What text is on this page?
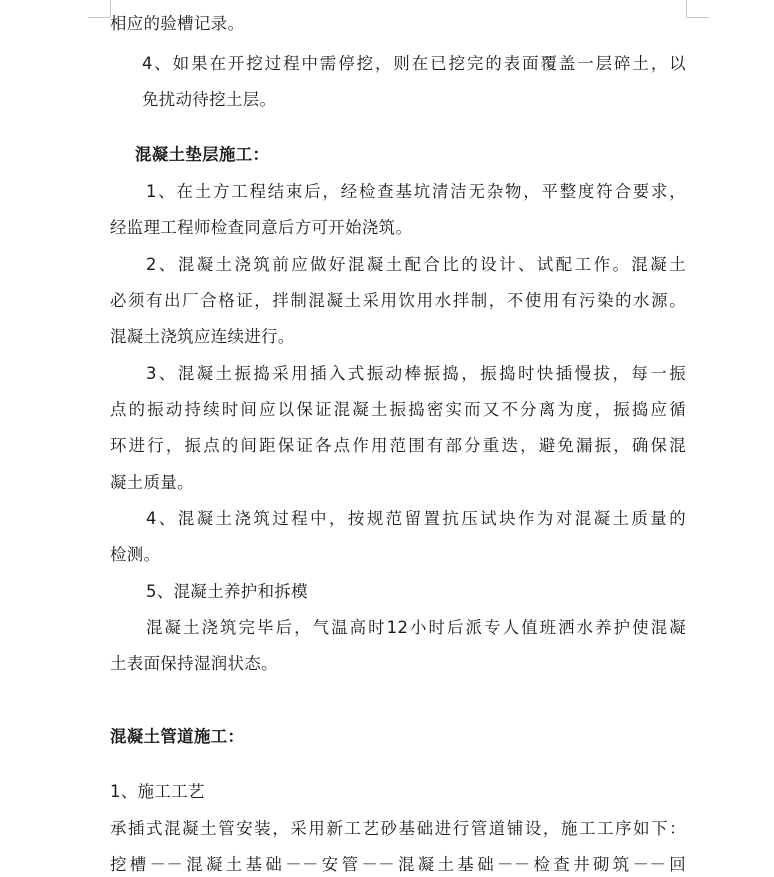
相应的验槽记录。
4、如果在开挖过程中需停挖，则在已挖完的表面覆盖一层碎土，以
免扰动待挖土层。
混凝土垫层施工：
1、在土方工程结束后，经检查基坑清洁无杂物，平整度符合要求，
经监理工程师检查同意后方可开始浇筑。
2、混凝土浇筑前应做好混凝土配合比的设计、试配工作。混凝土
必须有出厂合格证，拌制混凝土采用饮用水拌制，不使用有污染的水源。
混凝土浇筑应连续进行。
3、混凝土振捣采用插入式振动棒振捣，振捣时快插慢拔，每一振
点的振动持续时间应以保证混凝土振捣密实而又不分离为度，振捣应循
环进行，振点的间距保证各点作用范围有部分重迭，避免漏振，确保混
凝土质量。
4、混凝土浇筑过程中，按规范留置抗压试块作为对混凝土质量的
检测。
5、混凝土养护和拆模
混凝土浇筑完毕后，气温高时12小时后派专人值班洒水养护使混凝
土表面保持湿润状态。
混凝土管道施工：
1、施工工艺
承插式混凝土管安装，采用新工艺砂基础进行管道铺设，施工工序如下：
挖槽－－混凝土基础－－安管－－混凝土基础－－检查井砌筑－－回
